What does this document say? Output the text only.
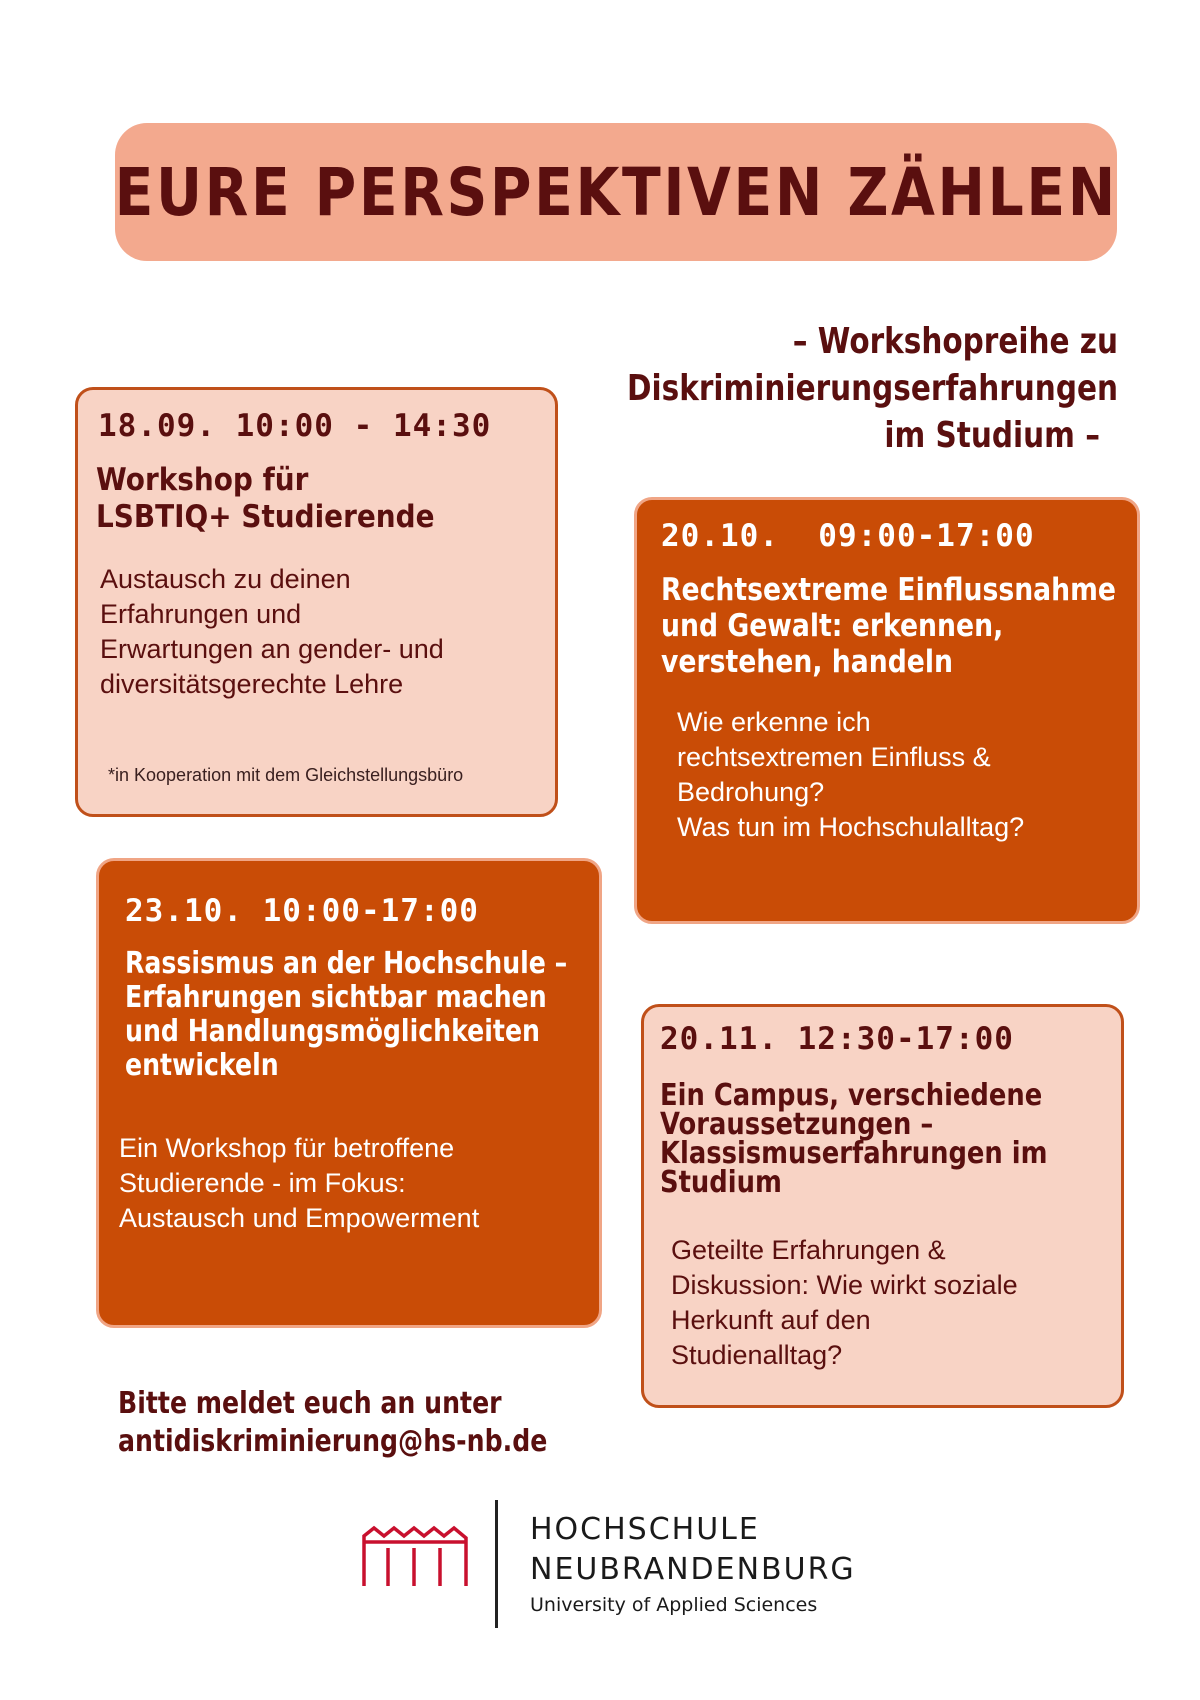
EURE PERSPEKTIVEN ZÄHLEN
– Workshopreihe zu
Diskriminierungserfahrungen
im Studium –
18.09. 10:00 - 14:30
Workshop für
LSBTIQ+ Studierende
Austausch zu deinen
Erfahrungen und
Erwartungen an gender- und
diversitätsgerechte Lehre
*in Kooperation mit dem Gleichstellungsbüro
20.10.  09:00-17:00
Rechtsextreme Einflussnahme
und Gewalt: erkennen,
verstehen, handeln
Wie erkenne ich
rechtsextremen Einfluss &
Bedrohung?
Was tun im Hochschulalltag?
23.10. 10:00-17:00
Rassismus an der Hochschule –
Erfahrungen sichtbar machen
und Handlungsmöglichkeiten
entwickeln
Ein Workshop für betroffene
Studierende - im Fokus:
Austausch und Empowerment
20.11. 12:30-17:00
Ein Campus, verschiedene
Voraussetzungen –
Klassismuserfahrungen im
Studium
Geteilte Erfahrungen &
Diskussion: Wie wirkt soziale
Herkunft auf den
Studienalltag?
Bitte meldet euch an unter
antidiskriminierung@hs-nb.de
HOCHSCHULE
NEUBRANDENBURG
University of Applied Sciences
